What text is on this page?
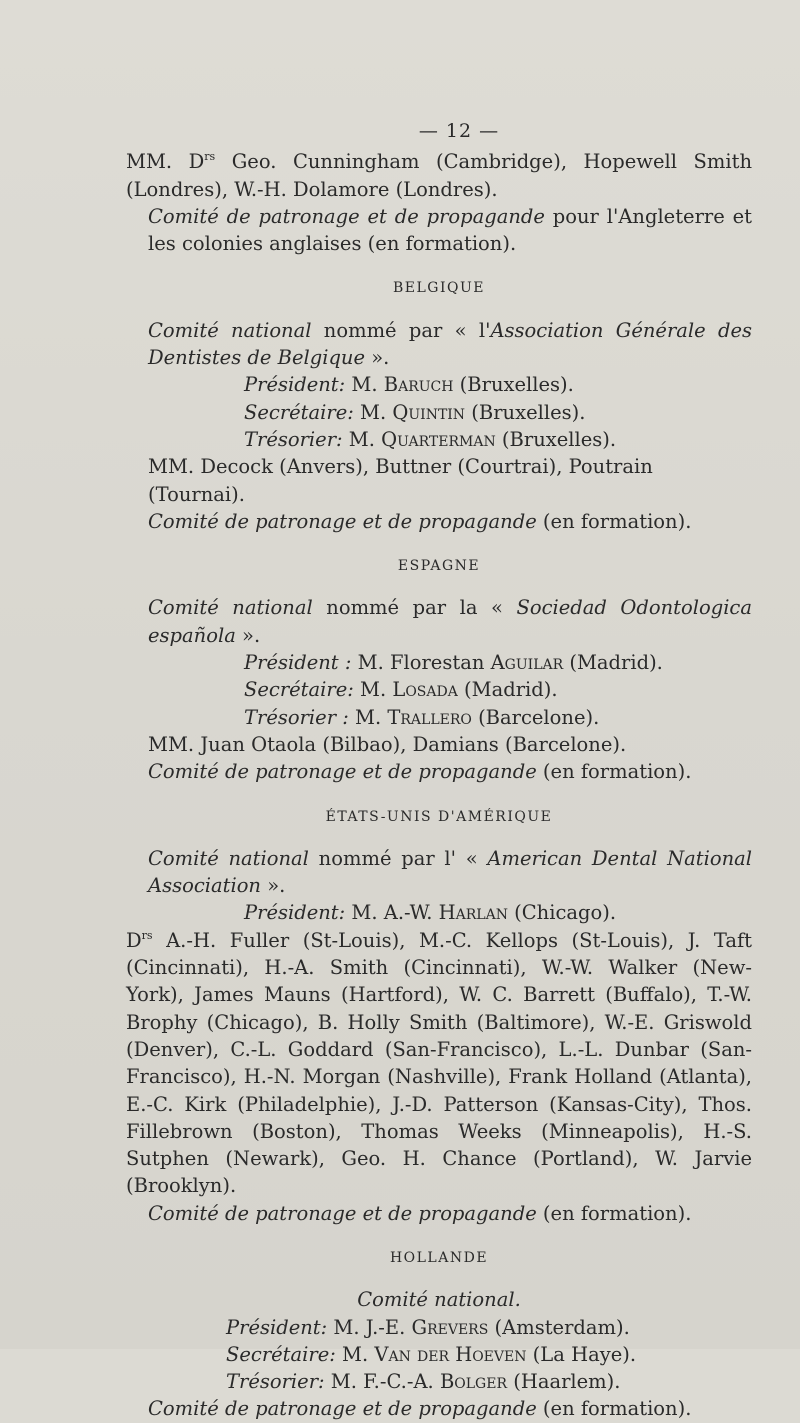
— 12 —

MM. $D^{rs}$ Geo. Cunningham (Cambridge), Hopewell Smith (Londres), W.-H. Dolamore (Londres).

Comité de patronage et de propagande pour l'Angleterre et les colonies anglaises (en formation).

BELGIQUE

Comité national nommé par « l'Association Générale des Dentistes de Belgique ».

Président: M. Baruch (Bruxelles).

Secrétaire: M. Quintin (Bruxelles).

Trésorier: M. Quarterman (Bruxelles).

MM. Decock (Anvers), Buttner (Courtrai), Poutrain (Tournai).

Comité de patronage et de propagande (en formation).

ESPAGNE

Comité national nommé par la « Sociedad Odontologica española ».

Président : M. Florestan Aguilar (Madrid).

Secrétaire: M. Losada (Madrid).

Trésorier : M. Trallero (Barcelone).

MM. Juan Otaola (Bilbao), Damians (Barcelone).

Comité de patronage et de propagande (en formation).

ÉTATS-UNIS D'AMÉRIQUE

Comité national nommé par l' « American Dental National Association ».

Président: M. A.-W. Harlan (Chicago).

$D^{rs}$ A.-H. Fuller (St-Louis), M.-C. Kellops (St-Louis), J. Taft (Cincinnati), H.-A. Smith (Cincinnati), W.-W. Walker (New-York), James Mauns (Hartford), W. C. Barrett (Buffalo), T.-W. Brophy (Chicago), B. Holly Smith (Baltimore), W.-E. Griswold (Denver), C.-L. Goddard (San-Francisco), L.-L. Dunbar (San-Francisco), H.-N. Morgan (Nashville), Frank Holland (Atlanta), E.-C. Kirk (Philadelphie), J.-D. Patterson (Kansas-City), Thos. Fillebrown (Boston), Thomas Weeks (Minneapolis), H.-S. Sutphen (Newark), Geo. H. Chance (Portland), W. Jarvie (Brooklyn).

Comité de patronage et de propagande (en formation).

HOLLANDE

Comité national.

Président: M. J.-E. Grevers (Amsterdam).

Secrétaire: M. Van der Hoeven (La Haye).

Trésorier: M. F.-C.-A. Bolger (Haarlem).

Comité de patronage et de propagande (en formation).
